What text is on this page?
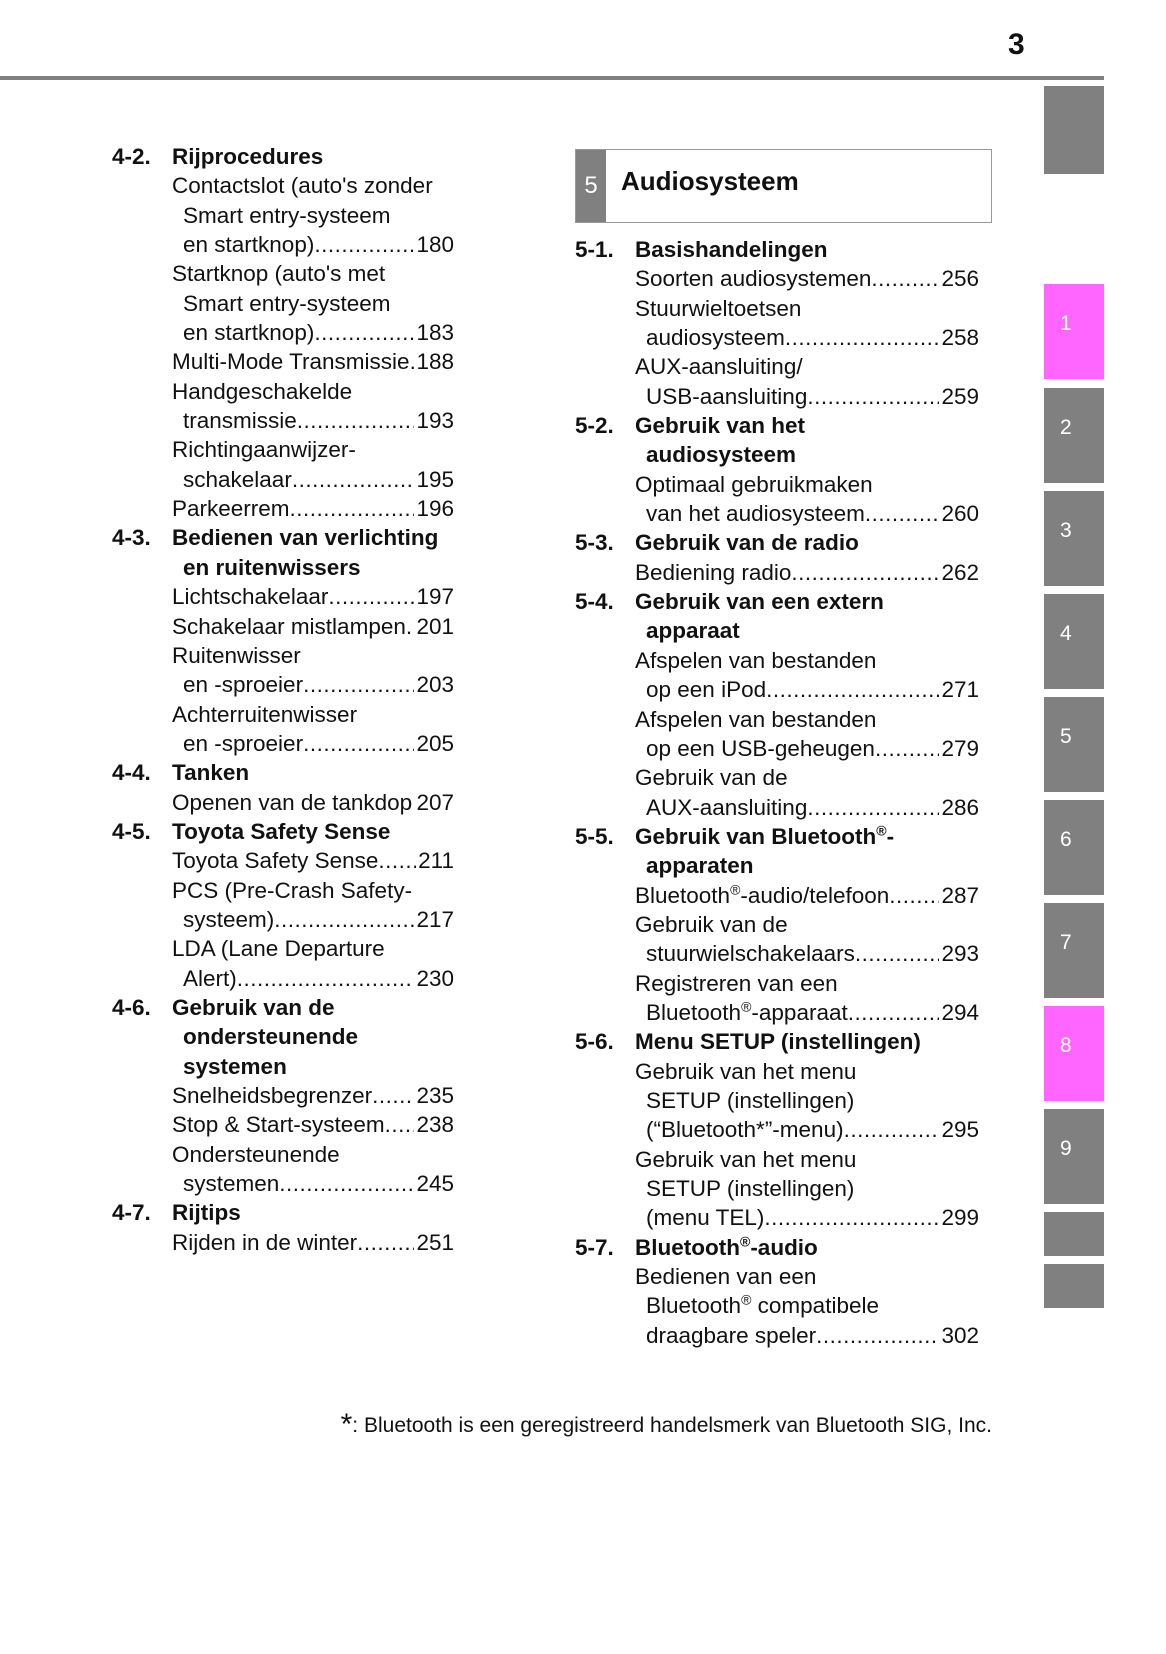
3
4-2. Rijprocedures
Contactslot (auto's zonder
Smart entry-systeem
en startknop) .....	180
Startknop (auto's met
Smart entry-systeem
en startknop) .....	183
Multi-Mode Transmissie ..... 188
Handgeschakelde
transmissie .....	193
Richtingaanwijzer-
schakelaar .....	195
Parkeerrem .....	196
4-3. Bedienen van verlichting
en ruitenwissers
Lichtschakelaar .....	197
Schakelaar mistlampen ..... 201
Ruitenwisser
en -sproeier .....	203
Achterruitenwisser
en -sproeier .....	205
4-4. Tanken
Openen van de tankdop ..... 207
4-5. Toyota Safety Sense
Toyota Safety Sense ..... 211
PCS (Pre-Crash Safety-
systeem) .....	217
LDA (Lane Departure
Alert) .....	230
4-6. Gebruik van de
ondersteunende
systemen
Snelheidsbegrenzer ..... 235
Stop & Start-systeem ..... 238
Ondersteunende
systemen .....	245
4-7. Rijtips
Rijden in de winter .....	251
5 Audiosysteem
5-1. Basishandelingen
Soorten audiosystemen .....	256
Stuurwieltoetsen
audiosysteem .....	258
AUX-aansluiting/
USB-aansluiting .....	259
5-2. Gebruik van het
audiosysteem
Optimaal gebruikmaken
van het audiosysteem .....	260
5-3. Gebruik van de radio
Bediening radio .....	262
5-4. Gebruik van een extern
apparaat
Afspelen van bestanden
op een iPod .....	271
Afspelen van bestanden
op een USB-geheugen .....	279
Gebruik van de
AUX-aansluiting .....	286
5-5. Gebruik van Bluetooth®-
apparaten
Bluetooth®-audio/telefoon ..... 287
Gebruik van de
stuurwielschakelaars .....	293
Registreren van een
Bluetooth®-apparaat .....	294
5-6. Menu SETUP (instellingen)
Gebruik van het menu
SETUP (instellingen)
(“Bluetooth*”-menu) .....	295
Gebruik van het menu
SETUP (instellingen)
(menu TEL) .....	299
5-7. Bluetooth®-audio
Bedienen van een
Bluetooth® compatibele
draagbare speler .....	302
1
2
3
4
5
6
7
8
9
*: Bluetooth is een geregistreerd handelsmerk van Bluetooth SIG, Inc.
